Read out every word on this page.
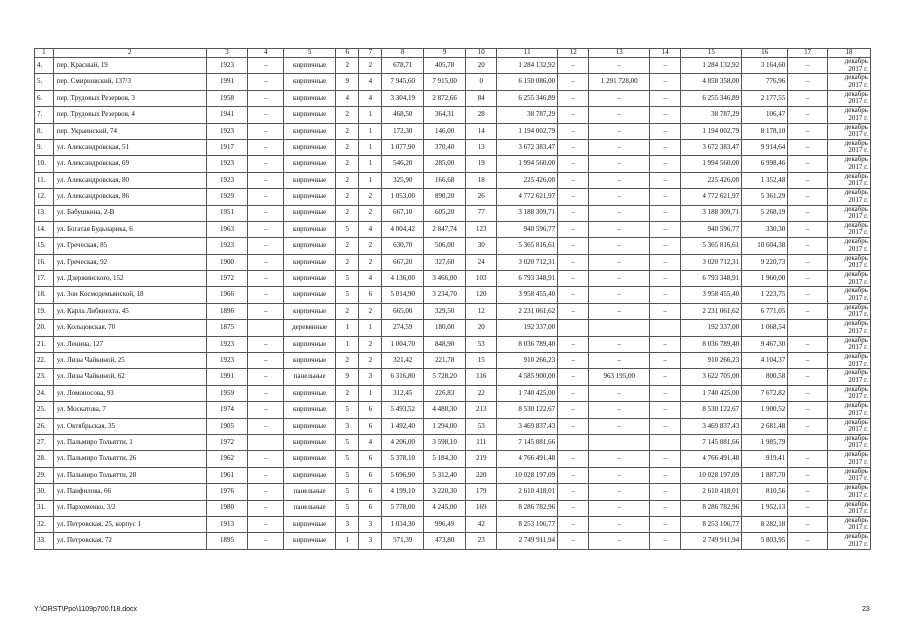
1	2	3	4	5	6	7	8	9	10	11	12	13	14	15	16	17	18
4.	пер. Красный, 19	1923	–	кирпичные	2	2	678,71	405,78	20	1 284 132,92	–	–	–	1 284 132,92	3 164,60	–	декабрь 2017 г.
5.	пер. Смирновский, 137/3	1991	–	кирпичные	9	4	7 945,60	7 915,00	0	6 150 086,00	–	1 291 728,00	–	4 858 358,00	776,96	–	декабрь 2017 г.
6.	пер. Трудовых Резервов, 3	1958	–	кирпичные	4	4	3 304,19	2 872,66	84	6 255 346,89	–	–	–	6 255 346,89	2 177,55	–	декабрь 2017 г.
7.	пер. Трудовых Резервов, 4	1941	–	кирпичные	2	1	468,50	364,31	28	38 787,29	–	–	–	38 787,29	106,47	–	декабрь 2017 г.
8.	пер. Украинский, 74	1923	–	кирпичные	2	1	172,30	146,00	14	1 194 002,79	–	–	–	1 194 002,79	8 178,10	–	декабрь 2017 г.
9.	ул. Александровская, 51	1917	–	кирпичные	2	1	1 077,90	370,40	13	3 672 383,47	–	–	–	3 672 383,47	9 914,64	–	декабрь 2017 г.
10.	ул. Александровская, 69	1923	–	кирпичные	2	1	546,20	285,00	19	1 994 560,00	–	–	–	1 994 560,00	6 998,46	–	декабрь 2017 г.
11.	ул. Александровская, 80	1923	–	кирпичные	2	1	325,90	166,68	18	225 426,00	–	–	–	225 426,00	1 352,48	–	декабрь 2017 г.
12.	ул. Александровская, 86	1929	–	кирпичные	2	2	1 053,00	890,20	26	4 772 621,97	–	–	–	4 772 621,97	5 361,29	–	декабрь 2017 г.
13.	ул. Бабушкина, 2-В	1951	–	кирпичные	2	2	667,10	605,20	77	3 188 309,71	–	–	–	3 188 309,71	5 268,19	–	декабрь 2017 г.
14.	ул. Богатая Будьнарика, 6	1963	–	кирпичные	5	4	4 004,42	2 847,74	123	940 596,77	–	–	–	940 596,77	330,30	–	декабрь 2017 г.
15.	ул. Греческая, 85	1923	–	кирпичные	2	2	630,70	506,00	30	5 365 816,61	–	–	–	5 365 816,61	10 604,38	–	декабрь 2017 г.
16.	ул. Греческая, 92	1900	–	кирпичные	2	2	667,20	327,60	24	3 020 712,31	–	–	–	3 020 712,31	9 220,73	–	декабрь 2017 г.
17.	ул. Дзержинского, 152	1972	–	кирпичные	5	4	4 136,00	3 466,00	103	6 793 348,91	–	–	–	6 793 348,91	1 960,00	–	декабрь 2017 г.
18.	ул. Зои Космодемьянской, 18	1966	–	кирпичные	5	6	5 014,90	3 234,70	120	3 958 455,40	–	–	–	3 958 455,40	1 223,75	–	декабрь 2017 г.
19.	ул. Карла Либкнехта, 45	1896	–	кирпичные	2	2	665,00	329,50	12	2 231 061,62	–	–	–	2 231 061,62	6 771,05	–	декабрь 2017 г.
20.	ул. Кольцовская, 70	1875		деревянные	1	1	274,59	180,00	20	192 337,00				192 337,00	1 068,54		декабрь 2017 г.
21.	ул. Ленина, 127	1923	–	кирпичные	1	2	1 004,70	848,90	53	8 036 789,40	–	–	–	8 036 789,40	9 467,30	–	декабрь 2017 г.
22.	ул. Лизы Чайкиной, 25	1923	–	кирпичные	2	2	321,42	221,78	15	910 266,23	–	–	–	910 266,23	4 104,37	–	декабрь 2017 г.
23.	ул. Лизы Чайкиной, 62	1991	–	панельные	9	3	6 316,80	5 728,20	116	4 585 900,00	–	963 195,00	–	3 622 705,00	800,58	–	декабрь 2017 г.
24.	ул. Ломоносова, 93	1959	–	кирпичные	2	1	312,45	226,83	22	1 740 425,00	–	–	–	1 740 425,00	7 672,82	–	декабрь 2017 г.
25.	ул. Москатова, 7	1974	–	кирпичные	5	6	5 493,52	4 488,30	213	8 530 122,67	–	–	–	8 530 122,67	1 900,52	–	декабрь 2017 г.
26.	ул. Октябрьская, 35	1905	–	кирпичные	3	6	1 492,40	1 294,00	53	3 469 837,43	–	–	–	3 469 837,43	2 681,48	–	декабрь 2017 г.
27.	ул. Пальмиро Тольятти, 1	1972		кирпичные	5	4	4 206,00	3 598,10	111	7 145 081,66				7 145 081,66	1 985,79		декабрь 2017 г.
28.	ул. Пальмиро Тольятти, 26	1962	–	кирпичные	5	6	5 378,10	5 184,30	219	4 766 491,48	–	–	–	4 766 491,48	919,41	–	декабрь 2017 г.
29.	ул. Пальмиро Тольятти, 28	1961	–	кирпичные	5	6	5 696,90	5 312,40	220	10 028 197,09	–	–	–	10 028 197,09	1 887,70	–	декабрь 2017 г.
30.	ул. Панфилова, 66	1976	–	панельные	5	6	4 199,10	3 220,30	179	2 610 418,01	–	–	–	2 610 418,01	810,56	–	декабрь 2017 г.
31.	ул. Пархоменко, 3/2	1980	–	панельные	5	6	5 778,00	4 245,00	169	8 286 782,96	–	–	–	8 286 782,96	1 952,13	–	декабрь 2017 г.
32.	ул. Петровская, 25, корпус 1	1913	–	кирпичные	3	3	1 034,30	996,49	42	8 253 106,77	–	–	–	8 253 106,77	8 282,18	–	декабрь 2017 г.
33.	ул. Петровская, 72	1895	–	кирпичные	1	3	571,39	473,80	23	2 749 911,94	–	–	–	2 749 911,94	5 803,95	–	декабрь 2017 г.
Y:\ORST\Ppo\1109p700.f18.docx	23
